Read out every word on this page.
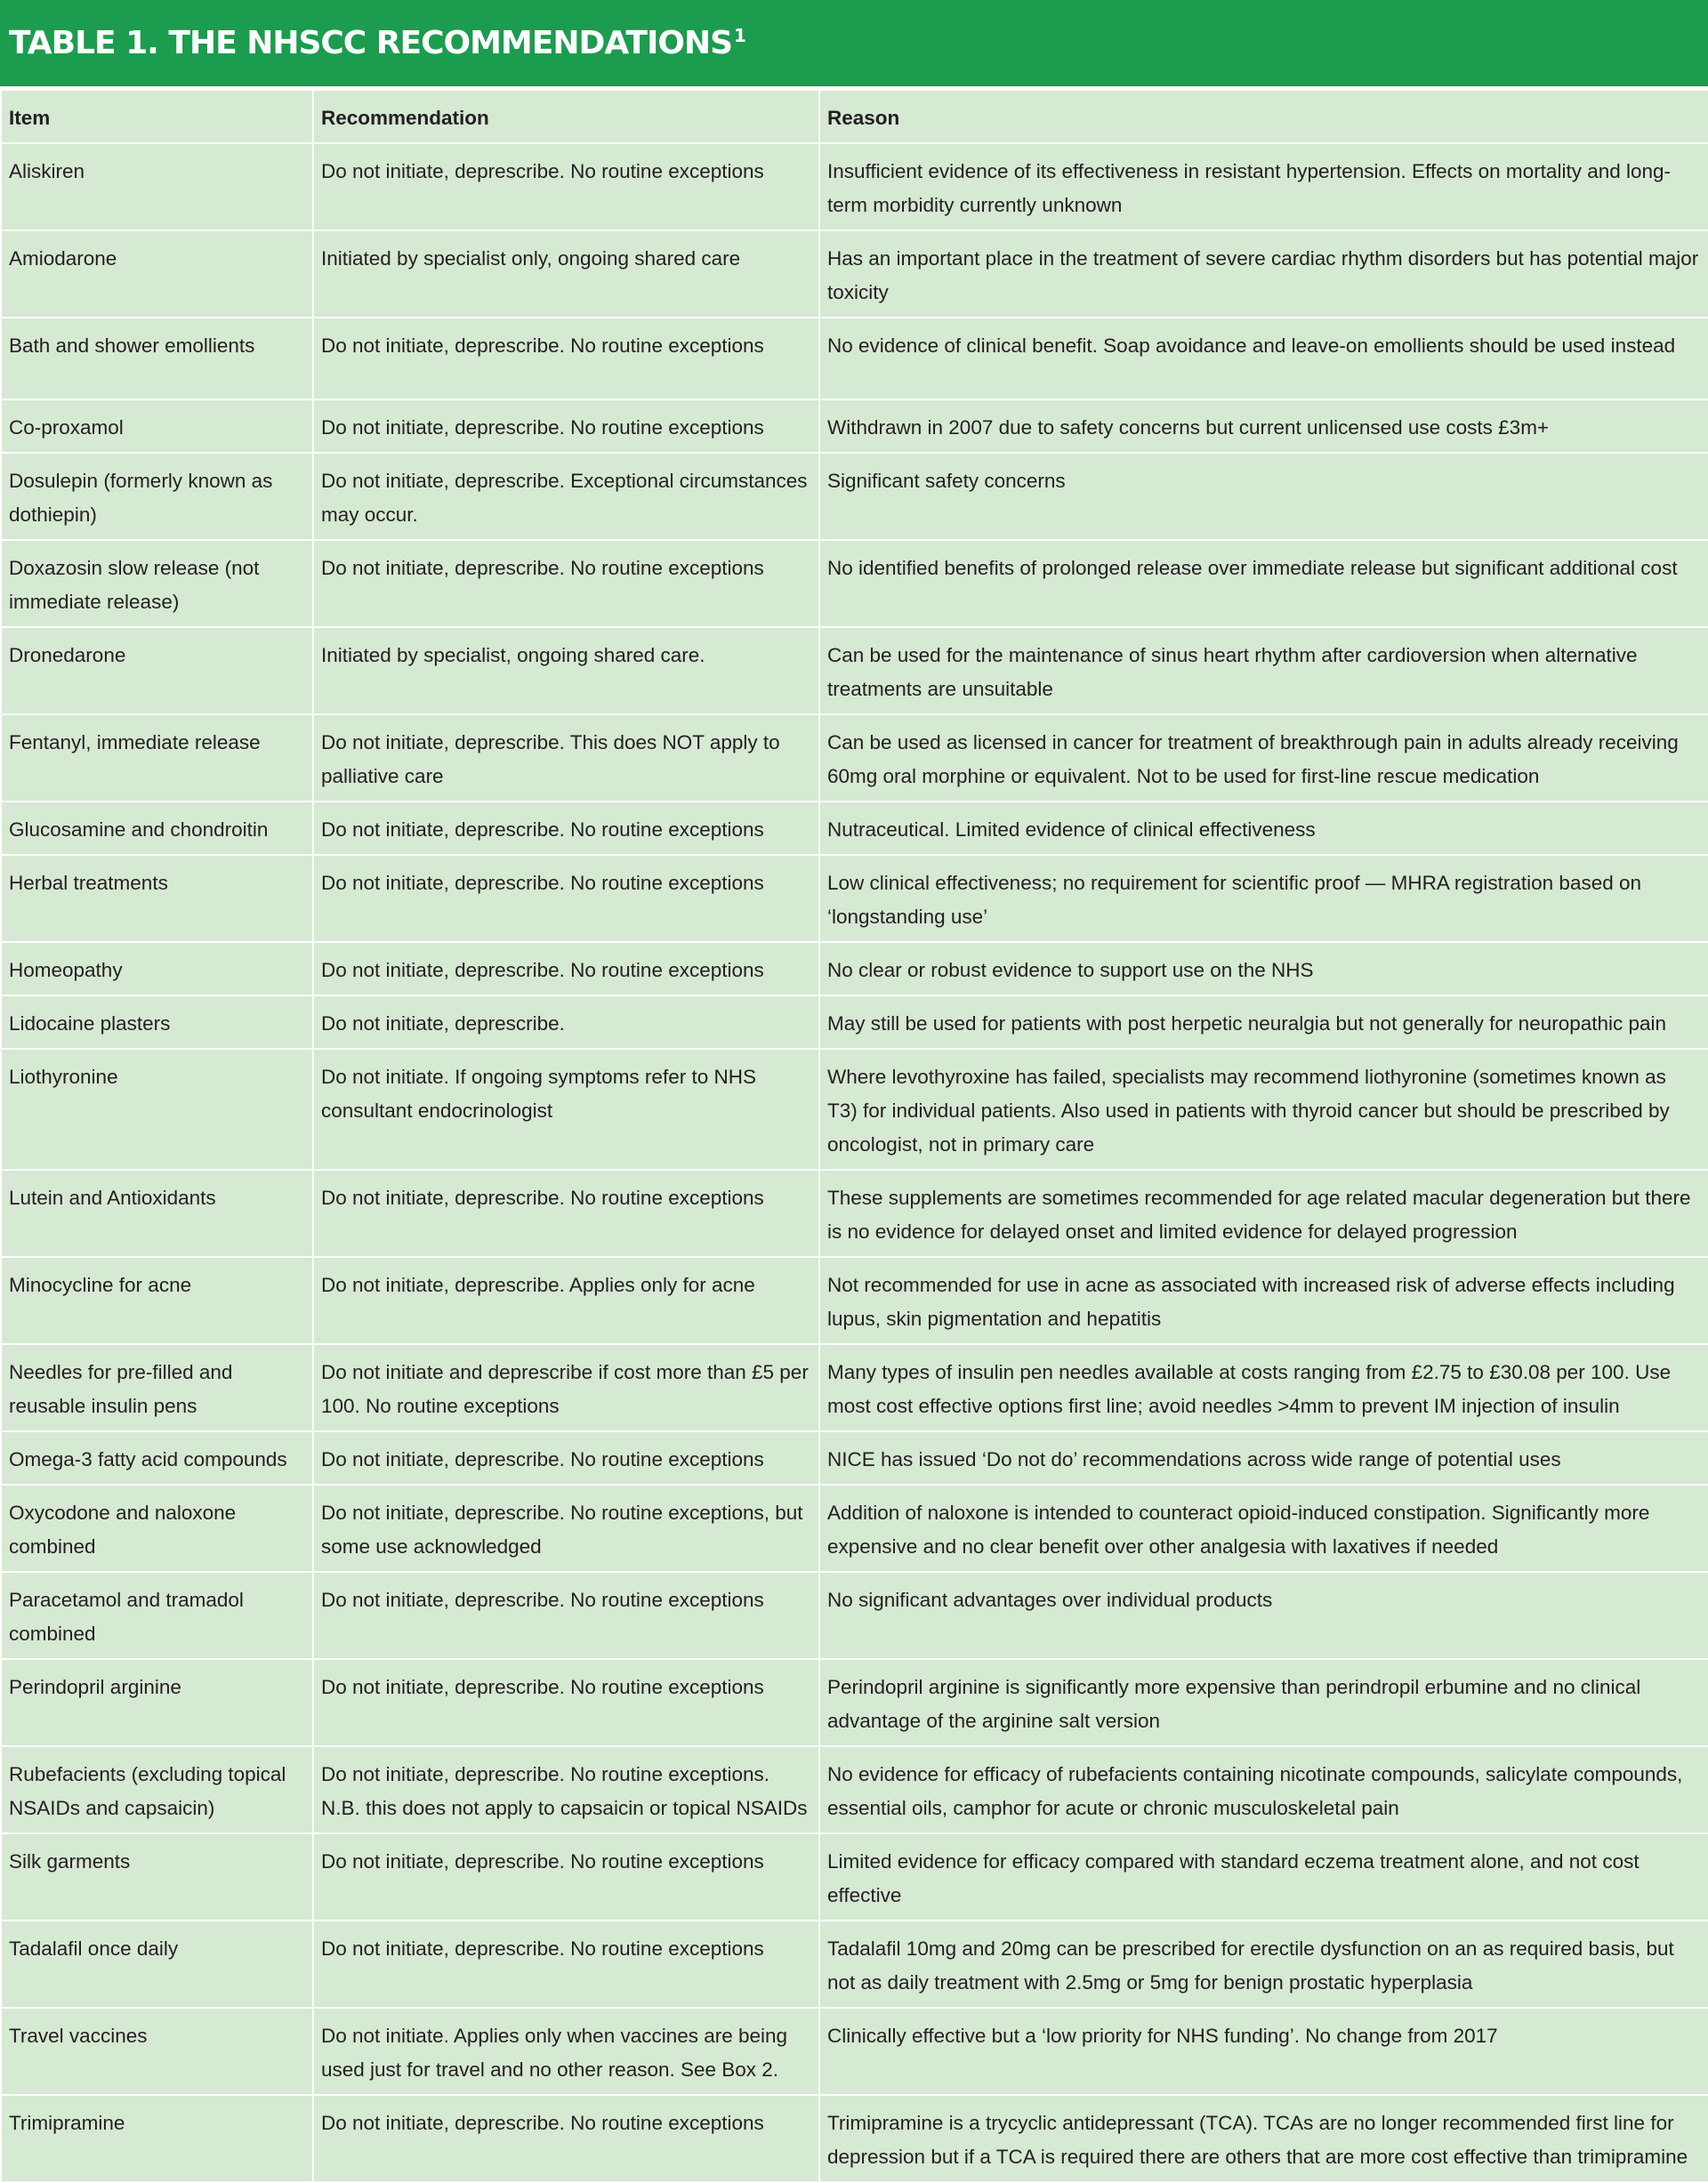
TABLE 1. THE NHSCC RECOMMENDATIONS $^1$
Item	Recommendation	Reason
Aliskiren	Do not initiate, deprescribe. No routine exceptions	Insufficient evidence of its effectiveness in resistant hypertension. Effects on mortality and long-term morbidity currently unknown
Amiodarone	Initiated by specialist only, ongoing shared care	Has an important place in the treatment of severe cardiac rhythm disorders but has potential major toxicity
Bath and shower emollients	Do not initiate, deprescribe. No routine exceptions	No evidence of clinical benefit. Soap avoidance and leave-on emollients should be used instead
Co-proxamol	Do not initiate, deprescribe. No routine exceptions	Withdrawn in 2007 due to safety concerns but current unlicensed use costs £3m+
Dosulepin (formerly known as dothiepin)	Do not initiate, deprescribe. Exceptional circumstances may occur.	Significant safety concerns
Doxazosin slow release (not immediate release)	Do not initiate, deprescribe. No routine exceptions	No identified benefits of prolonged release over immediate release but significant additional cost
Dronedarone	Initiated by specialist, ongoing shared care.	Can be used for the maintenance of sinus heart rhythm after cardioversion when alternative treatments are unsuitable
Fentanyl, immediate release	Do not initiate, deprescribe. This does NOT apply to palliative care	Can be used as licensed in cancer for treatment of breakthrough pain in adults already receiving 60mg oral morphine or equivalent. Not to be used for first-line rescue medication
Glucosamine and chondroitin	Do not initiate, deprescribe. No routine exceptions	Nutraceutical. Limited evidence of clinical effectiveness
Herbal treatments	Do not initiate, deprescribe. No routine exceptions	Low clinical effectiveness; no requirement for scientific proof — MHRA registration based on ‘longstanding use’
Homeopathy	Do not initiate, deprescribe. No routine exceptions	No clear or robust evidence to support use on the NHS
Lidocaine plasters	Do not initiate, deprescribe.	May still be used for patients with post herpetic neuralgia but not generally for neuropathic pain
Liothyronine	Do not initiate. If ongoing symptoms refer to NHS consultant endocrinologist	Where levothyroxine has failed, specialists may recommend liothyronine (sometimes known as T3) for individual patients. Also used in patients with thyroid cancer but should be prescribed by oncologist, not in primary care
Lutein and Antioxidants	Do not initiate, deprescribe. No routine exceptions	These supplements are sometimes recommended for age related macular degeneration but there is no evidence for delayed onset and limited evidence for delayed progression
Minocycline for acne	Do not initiate, deprescribe. Applies only for acne	Not recommended for use in acne as associated with increased risk of adverse effects including lupus, skin pigmentation and hepatitis
Needles for pre-filled and reusable insulin pens	Do not initiate and deprescribe if cost more than £5 per 100. No routine exceptions	Many types of insulin pen needles available at costs ranging from £2.75 to £30.08 per 100. Use most cost effective options first line; avoid needles >4mm to prevent IM injection of insulin
Omega-3 fatty acid compounds	Do not initiate, deprescribe. No routine exceptions	NICE has issued ‘Do not do’ recommendations across wide range of potential uses
Oxycodone and naloxone combined	Do not initiate, deprescribe. No routine exceptions, but some use acknowledged	Addition of naloxone is intended to counteract opioid-induced constipation. Significantly more expensive and no clear benefit over other analgesia with laxatives if needed
Paracetamol and tramadol combined	Do not initiate, deprescribe. No routine exceptions	No significant advantages over individual products
Perindopril arginine	Do not initiate, deprescribe. No routine exceptions	Perindopril arginine is significantly more expensive than perindropil erbumine and no clinical advantage of the arginine salt version
Rubefacients (excluding topical NSAIDs and capsaicin)	Do not initiate, deprescribe. No routine exceptions. N.B. this does not apply to capsaicin or topical NSAIDs	No evidence for efficacy of rubefacients containing nicotinate compounds, salicylate compounds, essential oils, camphor for acute or chronic musculoskeletal pain
Silk garments	Do not initiate, deprescribe. No routine exceptions	Limited evidence for efficacy compared with standard eczema treatment alone, and not cost effective
Tadalafil once daily	Do not initiate, deprescribe. No routine exceptions	Tadalafil 10mg and 20mg can be prescribed for erectile dysfunction on an as required basis, but not as daily treatment with 2.5mg or 5mg for benign prostatic hyperplasia
Travel vaccines	Do not initiate. Applies only when vaccines are being used just for travel and no other reason. See Box 2.	Clinically effective but a ‘low priority for NHS funding’. No change from 2017
Trimipramine	Do not initiate, deprescribe. No routine exceptions	Trimipramine is a trycyclic antidepressant (TCA). TCAs are no longer recommended first line for depression but if a TCA is required there are others that are more cost effective than trimipramine
